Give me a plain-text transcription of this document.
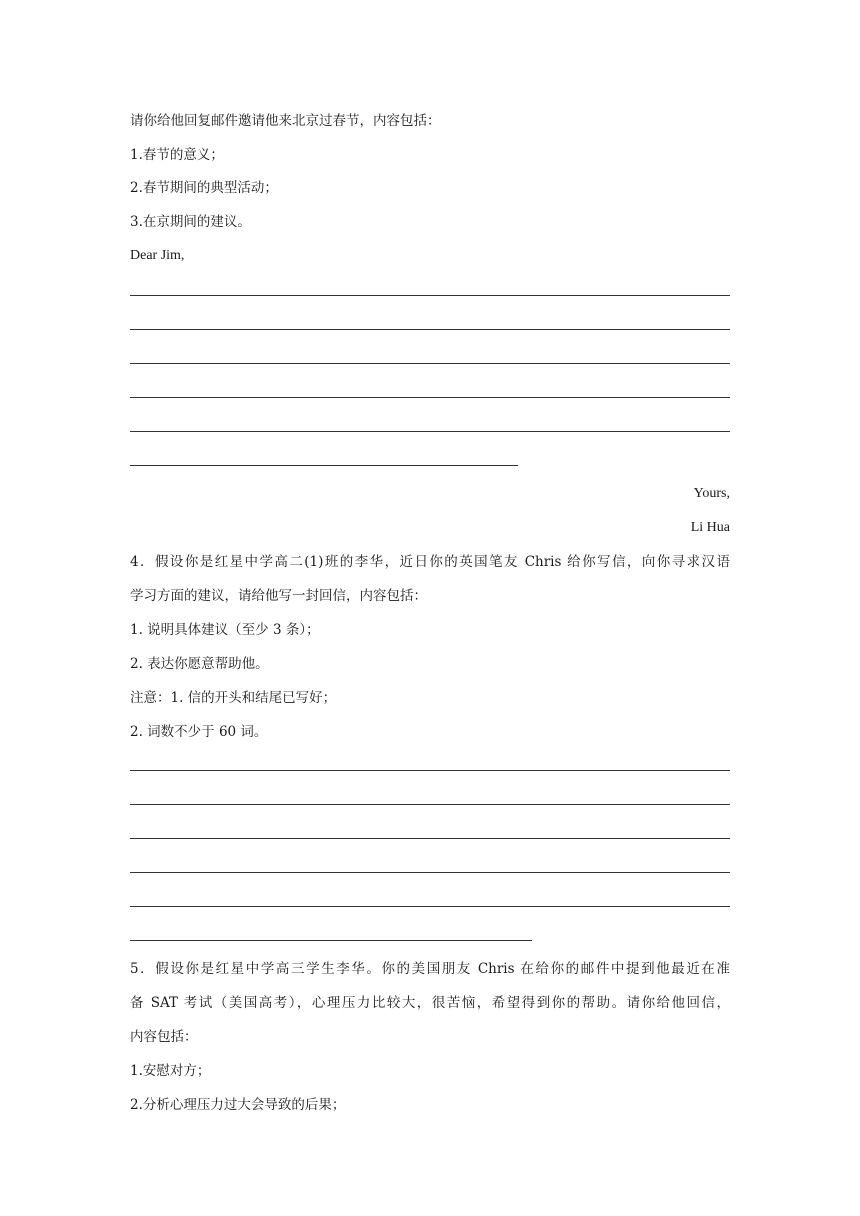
请你给他回复邮件邀请他来北京过春节，内容包括：
1.春节的意义；
2.春节期间的典型活动；
3.在京期间的建议。
Dear Jim,
Yours,
Li Hua
4．假设你是红星中学高二(1)班的李华，近日你的英国笔友 Chris 给你写信，向你寻求汉语
学习方面的建议，请给他写一封回信，内容包括：
1. 说明具体建议（至少 3 条）；
2. 表达你愿意帮助他。
注意：1. 信的开头和结尾已写好；
2. 词数不少于 60 词。
5．假设你是红星中学高三学生李华。你的美国朋友 Chris 在给你的邮件中提到他最近在准
备 SAT 考试（美国高考），心理压力比较大，很苦恼，希望得到你的帮助。请你给他回信，
内容包括：
1.安慰对方；
2.分析心理压力过大会导致的后果；
